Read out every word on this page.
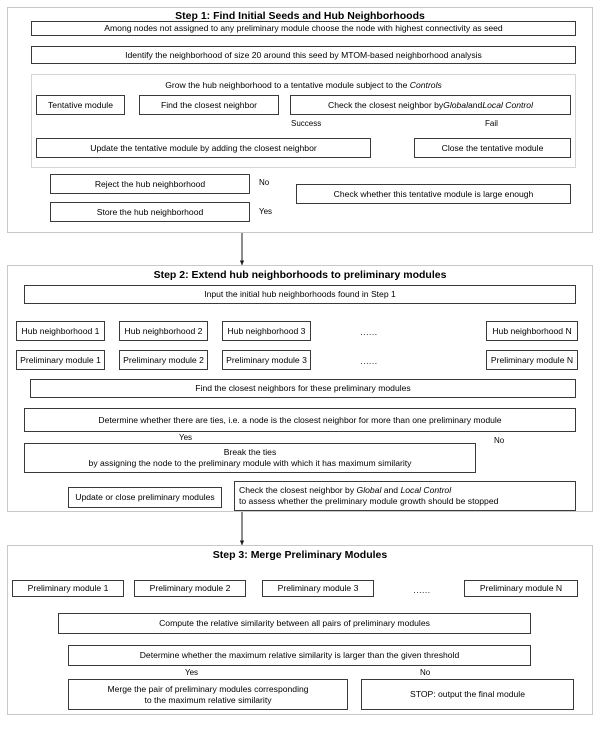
Step 1: Find Initial Seeds and Hub Neighborhoods
Among nodes not assigned to any preliminary module choose the node with highest connectivity as seed
Identify the neighborhood of size 20 around this seed by MTOM-based neighborhood analysis
Grow the hub neighborhood to a tentative module subject to the Controls
Tentative module	Find the closest neighbor	Check the closest neighbor by Global and Local Control
Success	Fail
Update the tentative module by adding the closest neighbor	Close the tentative module
Reject the hub neighborhood
Store the hub neighborhood
No
Yes
Check whether this tentative module is large enough
Step 2: Extend hub neighborhoods to preliminary modules
Input the initial hub neighborhoods found in Step 1
Hub neighborhood 1	Hub neighborhood 2	Hub neighborhood 3	Hub neighborhood N
......
Preliminary module 1	Preliminary module 2	Preliminary module 3	Preliminary module N
......
Find the closest neighbors for these preliminary modules
Determine whether there are ties, i.e. a node is the closest neighbor for more than one preliminary module
Yes	No
Break the ties
by assigning the node to the preliminary module with which it has maximum similarity
Update or close preliminary modules
Check the closest neighbor by Global and Local Control
to assess whether the preliminary module growth should be stopped
Step 3: Merge Preliminary Modules
Preliminary module 1	Preliminary module 2	Preliminary module 3	Preliminary module N
......
Compute the relative similarity between all pairs of preliminary modules
Determine whether the maximum relative similarity is larger than the given threshold
Yes	No
Merge the pair of preliminary modules corresponding
to the maximum relative similarity
STOP: output the final module
